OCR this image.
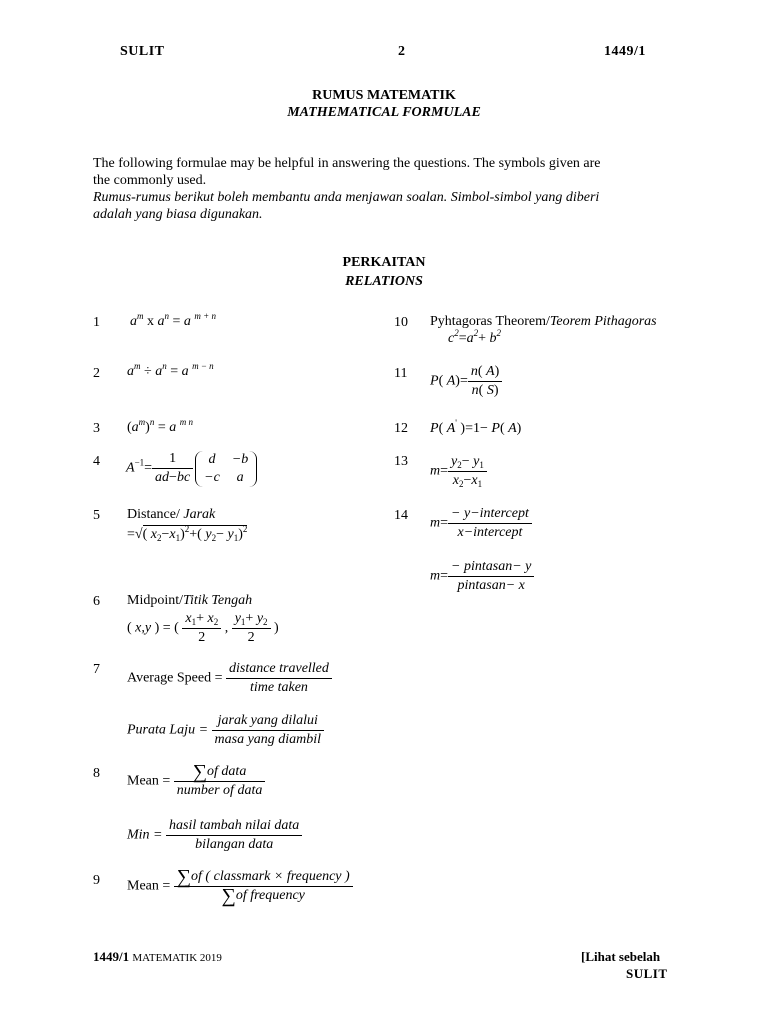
SULIT	2	1449/1
RUMUS MATEMATIK
MATHEMATICAL FORMULAE
The following formulae may be helpful in answering the questions. The symbols given are
the commonly used.
Rumus-rumus berikut boleh membantu anda menjawan soalan. Simbol-simbol yang diberi
adalah yang biasa digunakan.
PERKAITAN
RELATIONS
1
2
3
4
5
6
7
8
9
10
11
12
13
14
$a^m$ x $a^n = a$ $^{m + n}$
$a^m \div a^n = a$ $^{m - n}$
$(a^m)^n = a$ $^{m n}$
$A^{-1}= \frac{1}{ad-bc}$ d	−b
−c	a
Distance/ Jarak
=√( $x_2-x_1)^2+$( $y_2- y_1)^2$
Midpoint/Titik Tengah
( x,y ) = ( $\frac{x_1+ x_2}{2}$ , $\frac{y_1+ y_2}{2}$ )
Average Speed = $\frac{\text{distance travelled}}{\text{time taken}}$
Purata Laju = $\frac{\text{jarak yang dilalui}}{\text{masa yang diambil}}$
Mean = $\frac{\text{∑of data}}{\text{number of data}}$
Min = $\frac{\text{hasil tambah nilai data}}{\text{bilangan data}}$
Mean = $\frac{\text{∑of ( classmark × frequency )}}{\text{∑of frequency}}$
Pyhtagoras Theorem/Teorem Pithagoras
$c^2=a^2+ b^2$
P( $A)= \frac{n( A)}{n( S)}$
P( A' )=1− P( A)
$m= \frac{y_2- y_1}{x_2-x_1}$
$m= \frac{\text{− y−intercept}}{\text{x−intercept}}$
$m= \frac{\text{− pintasan− y}}{\text{pintasan− x}}$
1449/1 MATEMATIK 2019	[Lihat sebelah
SULIT
